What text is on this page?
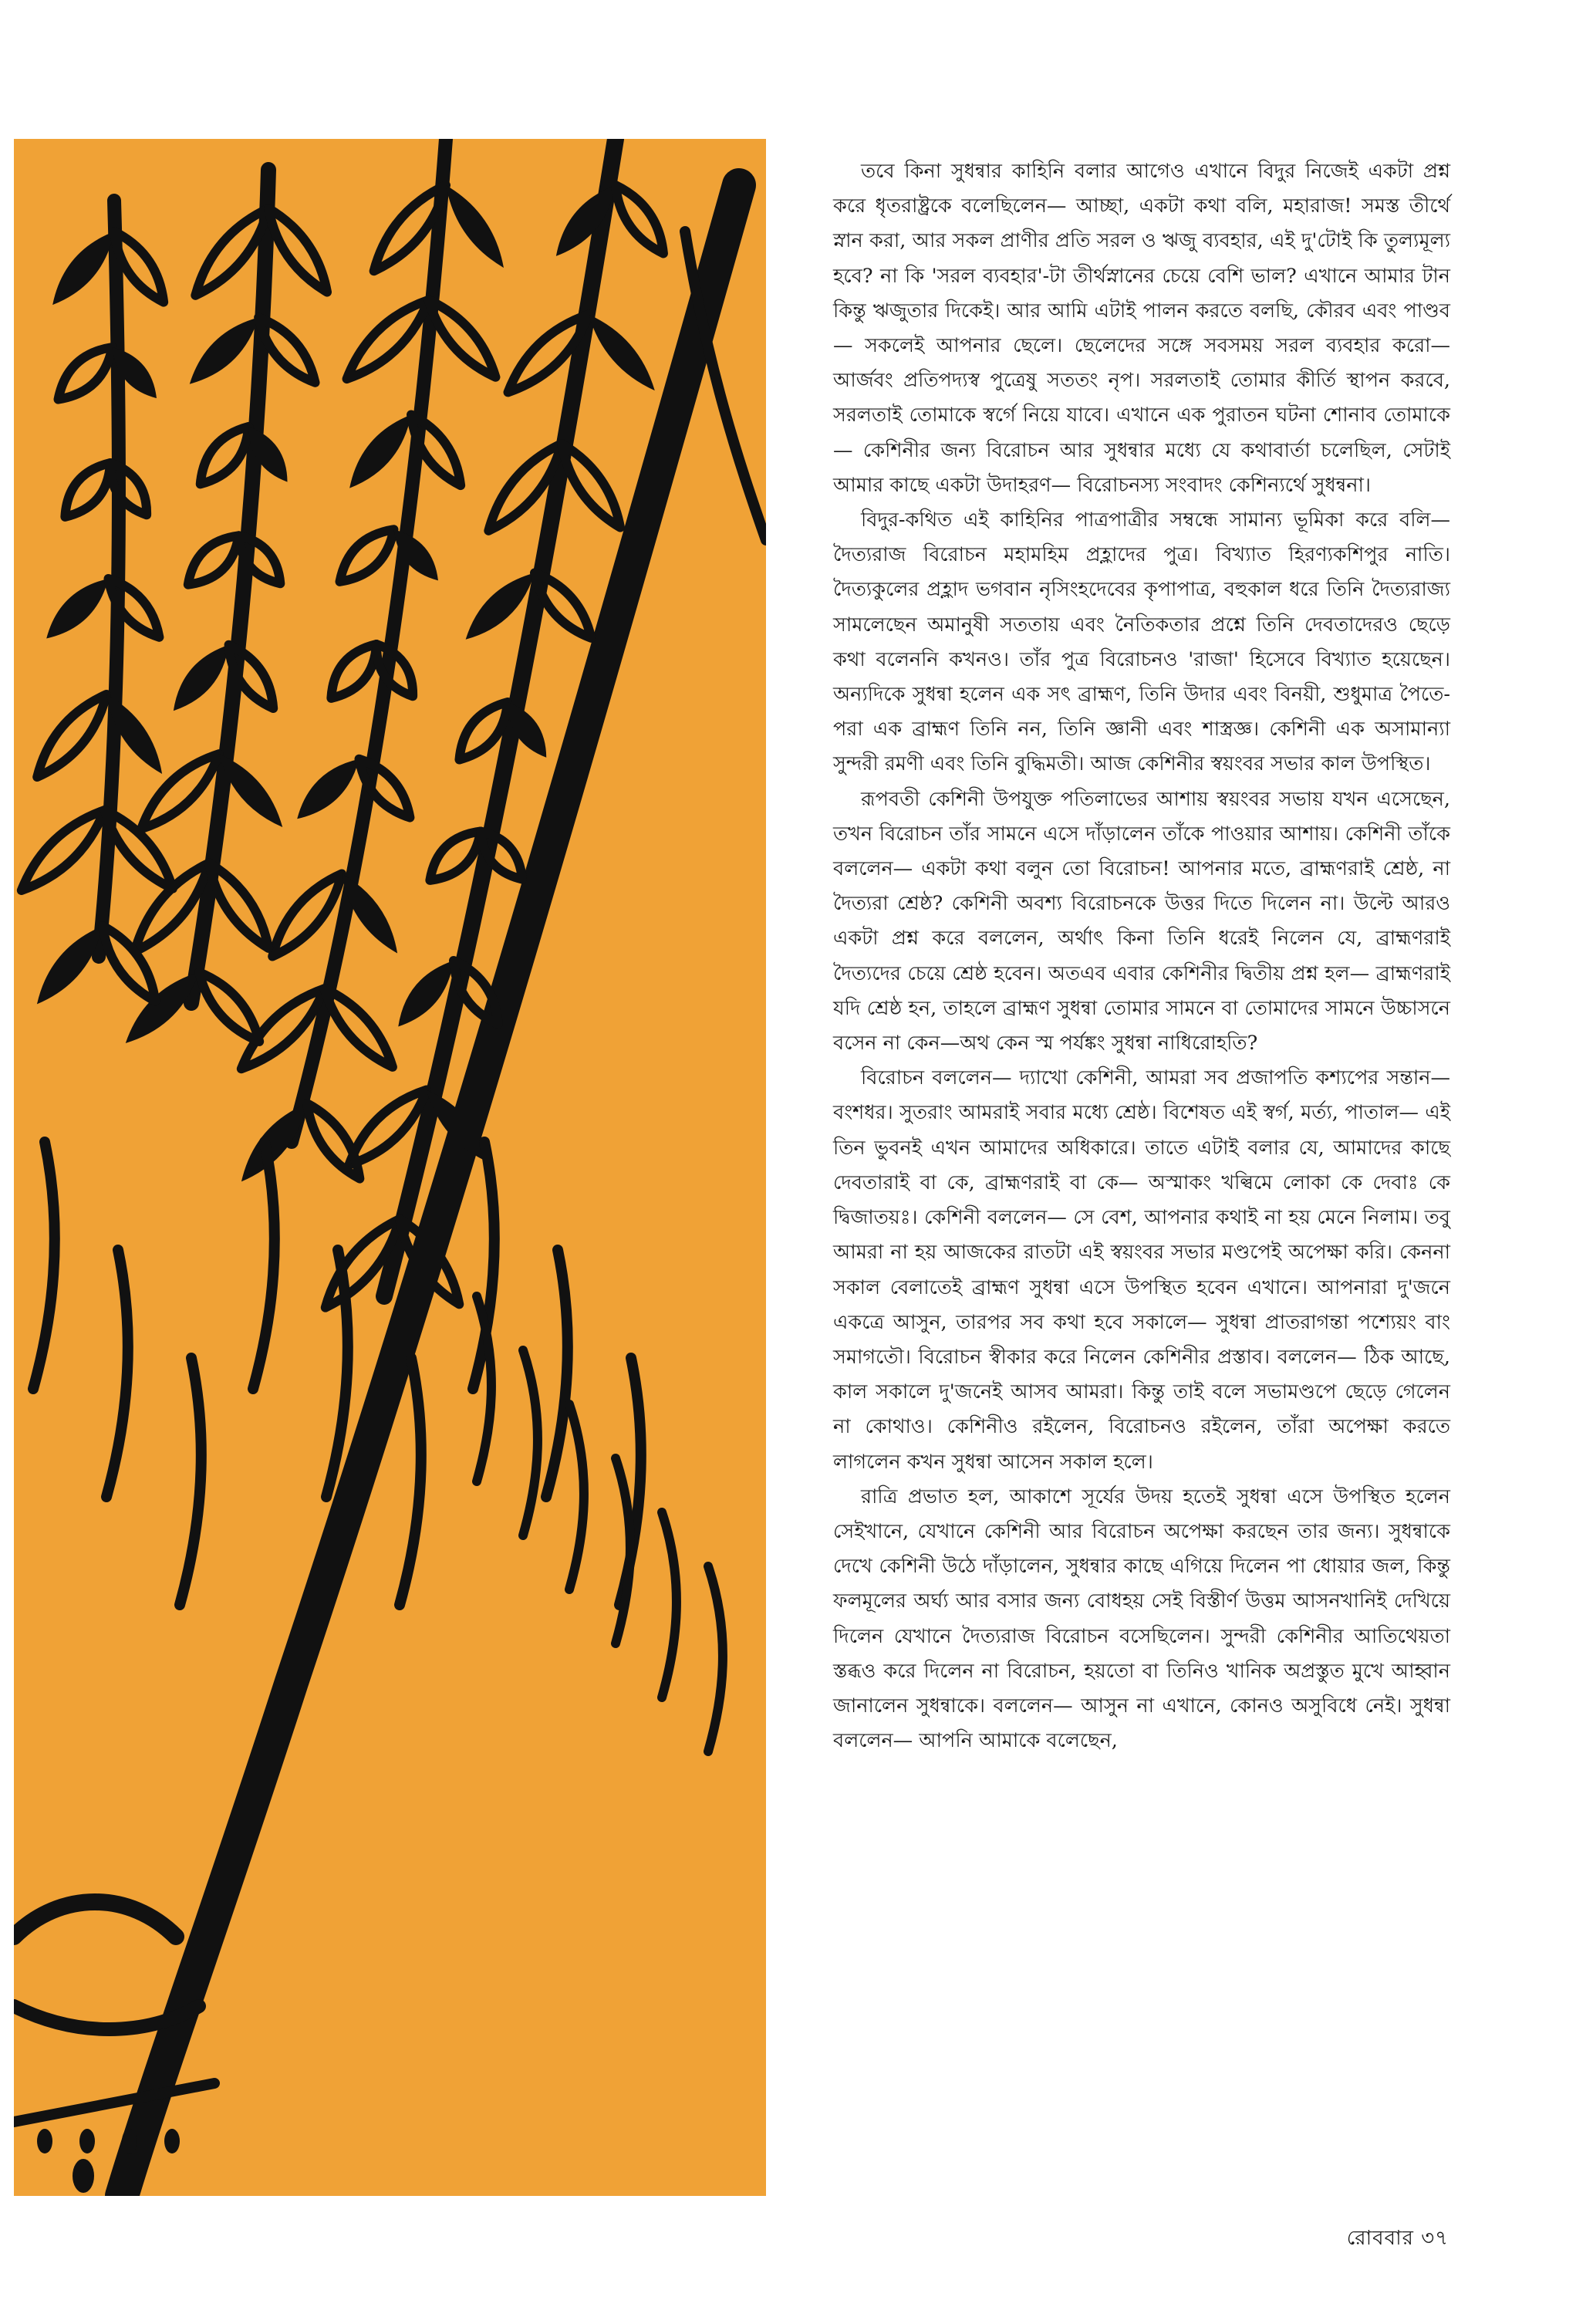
তবে কিনা সুধন্বার কাহিনি বলার আগেও এখানে বিদুর নিজেই একটা প্রশ্ন করে ধৃতরাষ্ট্রকে বলেছিলেন— আচ্ছা, একটা কথা বলি, মহারাজ! সমস্ত তীর্থে স্নান করা, আর সকল প্রাণীর প্রতি সরল ও ঋজু ব্যবহার, এই দু'টোই কি তুল্যমূল্য হবে? না কি 'সরল ব্যবহার'-টা তীর্থস্নানের চেয়ে বেশি ভাল? এখানে আমার টান কিন্তু ঋজুতার দিকেই। আর আমি এটাই পালন করতে বলছি, কৌরব এবং পাণ্ডব— সকলেই আপনার ছেলে। ছেলেদের সঙ্গে সবসময় সরল ব্যবহার করো— আর্জবং প্রতিপদ্যস্ব পুত্রেষু সততং নৃপ। সরলতাই তোমার কীর্তি স্থাপন করবে, সরলতাই তোমাকে স্বর্গে নিয়ে যাবে। এখানে এক পুরাতন ঘটনা শোনাব তোমাকে— কেশিনীর জন্য বিরোচন আর সুধন্বার মধ্যে যে কথাবার্তা চলেছিল, সেটাই আমার কাছে একটা উদাহরণ— বিরোচনস্য সংবাদং কেশিন্যর্থে সুধন্বনা।

বিদুর-কথিত এই কাহিনির পাত্রপাত্রীর সম্বন্ধে সামান্য ভূমিকা করে বলি— দৈত্যরাজ বিরোচন মহামহিম প্রহ্লাদের পুত্র। বিখ্যাত হিরণ্যকশিপুর নাতি। দৈত্যকুলের প্রহ্লাদ ভগবান নৃসিংহদেবের কৃপাপাত্র, বহুকাল ধরে তিনি দৈত্যরাজ্য সামলেছেন অমানুষী সততায় এবং নৈতিকতার প্রশ্নে তিনি দেবতাদেরও ছেড়ে কথা বলেননি কখনও। তাঁর পুত্র বিরোচনও 'রাজা' হিসেবে বিখ্যাত হয়েছেন। অন্যদিকে সুধন্বা হলেন এক সৎ ব্রাহ্মণ, তিনি উদার এবং বিনয়ী, শুধুমাত্র পৈতে-পরা এক ব্রাহ্মণ তিনি নন, তিনি জ্ঞানী এবং শাস্ত্রজ্ঞ। কেশিনী এক অসামান্যা সুন্দরী রমণী এবং তিনি বুদ্ধিমতী। আজ কেশিনীর স্বয়ংবর সভার কাল উপস্থিত।

রূপবতী কেশিনী উপযুক্ত পতিলাভের আশায় স্বয়ংবর সভায় যখন এসেছেন, তখন বিরোচন তাঁর সামনে এসে দাঁড়ালেন তাঁকে পাওয়ার আশায়। কেশিনী তাঁকে বললেন— একটা কথা বলুন তো বিরোচন! আপনার মতে, ব্রাহ্মণরাই শ্রেষ্ঠ, না দৈত্যরা শ্রেষ্ঠ? কেশিনী অবশ্য বিরোচনকে উত্তর দিতে দিলেন না। উল্টে আরও একটা প্রশ্ন করে বললেন, অর্থাৎ কিনা তিনি ধরেই নিলেন যে, ব্রাহ্মণরাই দৈত্যদের চেয়ে শ্রেষ্ঠ হবেন। অতএব এবার কেশিনীর দ্বিতীয় প্রশ্ন হল— ব্রাহ্মণরাই যদি শ্রেষ্ঠ হন, তাহলে ব্রাহ্মণ সুধন্বা তোমার সামনে বা তোমাদের সামনে উচ্চাসনে বসেন না কেন—অথ কেন স্ম পর্যঙ্কং সুধন্বা নাধিরোহতি?

বিরোচন বললেন— দ্যাখো কেশিনী, আমরা সব প্রজাপতি কশ্যপের সন্তান— বংশধর। সুতরাং আমরাই সবার মধ্যে শ্রেষ্ঠ। বিশেষত এই স্বর্গ, মর্ত্য, পাতাল— এই তিন ভুবনই এখন আমাদের অধিকারে। তাতে এটাই বলার যে, আমাদের কাছে দেবতারাই বা কে, ব্রাহ্মণরাই বা কে— অস্মাকং খল্বিমে লোকা কে দেবাঃ কে দ্বিজাতয়ঃ। কেশিনী বললেন— সে বেশ, আপনার কথাই না হয় মেনে নিলাম। তবু আমরা না হয় আজকের রাতটা এই স্বয়ংবর সভার মণ্ডপেই অপেক্ষা করি। কেননা সকাল বেলাতেই ব্রাহ্মণ সুধন্বা এসে উপস্থিত হবেন এখানে। আপনারা দু'জনে একত্রে আসুন, তারপর সব কথা হবে সকালে— সুধন্বা প্রাতরাগন্তা পশ্যেয়ং বাং সমাগতৌ। বিরোচন স্বীকার করে নিলেন কেশিনীর প্রস্তাব। বললেন— ঠিক আছে, কাল সকালে দু'জনেই আসব আমরা। কিন্তু তাই বলে সভামণ্ডপে ছেড়ে গেলেন না কোথাও। কেশিনীও রইলেন, বিরোচনও রইলেন, তাঁরা অপেক্ষা করতে লাগলেন কখন সুধন্বা আসেন সকাল হলে।

রাত্রি প্রভাত হল, আকাশে সূর্যের উদয় হতেই সুধন্বা এসে উপস্থিত হলেন সেইখানে, যেখানে কেশিনী আর বিরোচন অপেক্ষা করছেন তার জন্য। সুধন্বাকে দেখে কেশিনী উঠে দাঁড়ালেন, সুধন্বার কাছে এগিয়ে দিলেন পা ধোয়ার জল, কিন্তু ফলমূলের অর্ঘ্য আর বসার জন্য বোধহয় সেই বিস্তীর্ণ উত্তম আসনখানিই দেখিয়ে দিলেন যেখানে দৈত্যরাজ বিরোচন বসেছিলেন। সুন্দরী কেশিনীর আতিথেয়তা স্তব্ধও করে দিলেন না বিরোচন, হয়তো বা তিনিও খানিক অপ্রস্তুত মুখে আহ্বান জানালেন সুধন্বাকে। বললেন— আসুন না এখানে, কোনও অসুবিধে নেই। সুধন্বা বললেন— আপনি আমাকে বলেছেন,

রোববার ৩৭
